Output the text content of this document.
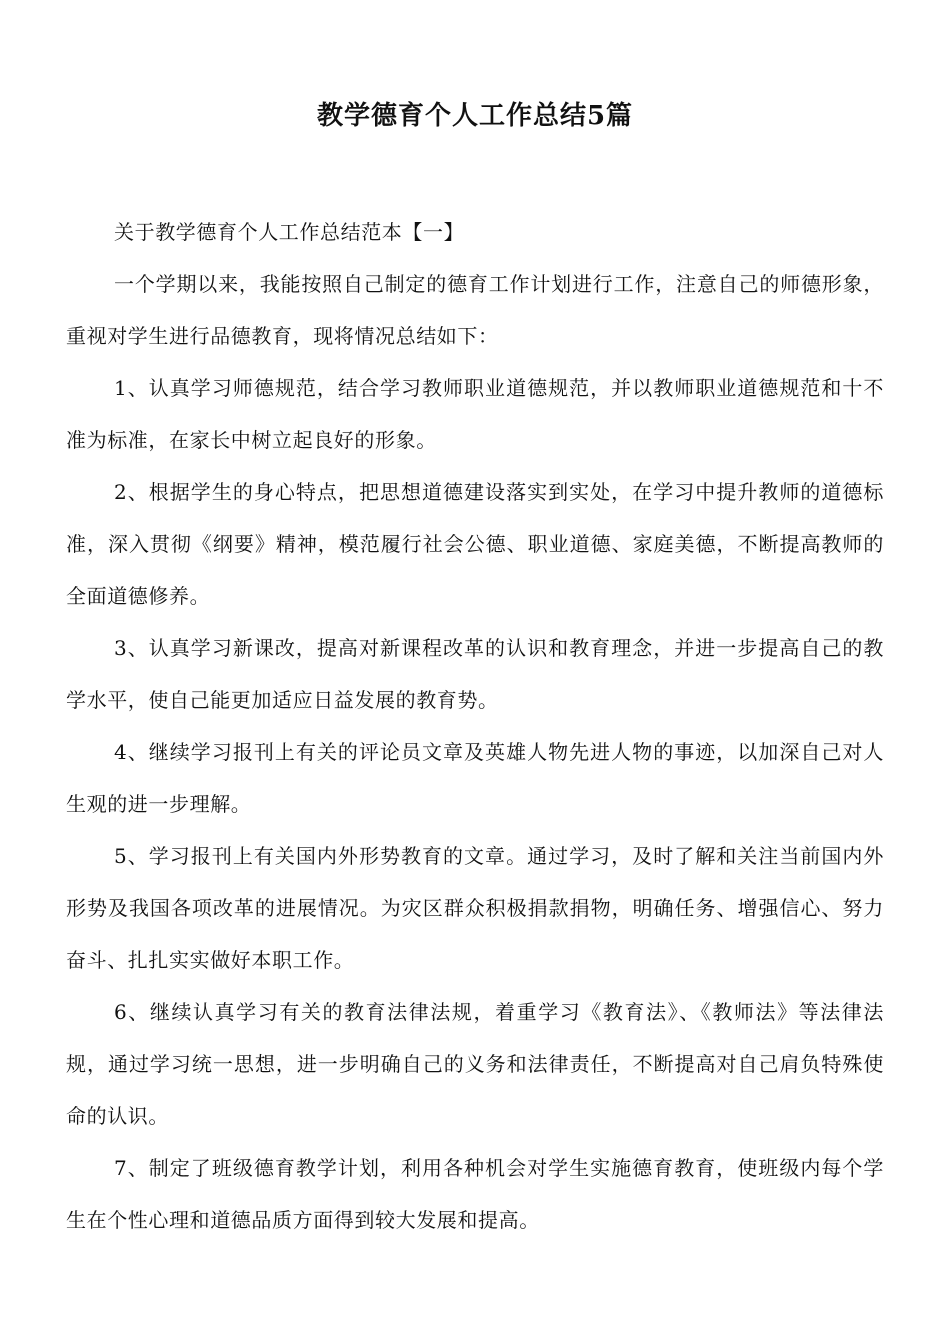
教学德育个人工作总结5篇

关于教学德育个人工作总结范本【一】

一个学期以来，我能按照自己制定的德育工作计划进行工作，注意自己的师德形象，重视对学生进行品德教育，现将情况总结如下：

1、认真学习师德规范，结合学习教师职业道德规范，并以教师职业道德规范和十不准为标准，在家长中树立起良好的形象。

2、根据学生的身心特点，把思想道德建设落实到实处，在学习中提升教师的道德标准，深入贯彻《纲要》精神，模范履行社会公德、职业道德、家庭美德，不断提高教师的全面道德修养。

3、认真学习新课改，提高对新课程改革的认识和教育理念，并进一步提高自己的教学水平，使自己能更加适应日益发展的教育势。

4、继续学习报刊上有关的评论员文章及英雄人物先进人物的事迹，以加深自己对人生观的进一步理解。

5、学习报刊上有关国内外形势教育的文章。通过学习，及时了解和关注当前国内外形势及我国各项改革的进展情况。为灾区群众积极捐款捐物，明确任务、增强信心、努力奋斗、扎扎实实做好本职工作。

6、继续认真学习有关的教育法律法规，着重学习《教育法》、《教师法》等法律法规，通过学习统一思想，进一步明确自己的义务和法律责任，不断提高对自己肩负特殊使命的认识。

7、制定了班级德育教学计划，利用各种机会对学生实施德育教育，使班级内每个学生在个性心理和道德品质方面得到较大发展和提高。
